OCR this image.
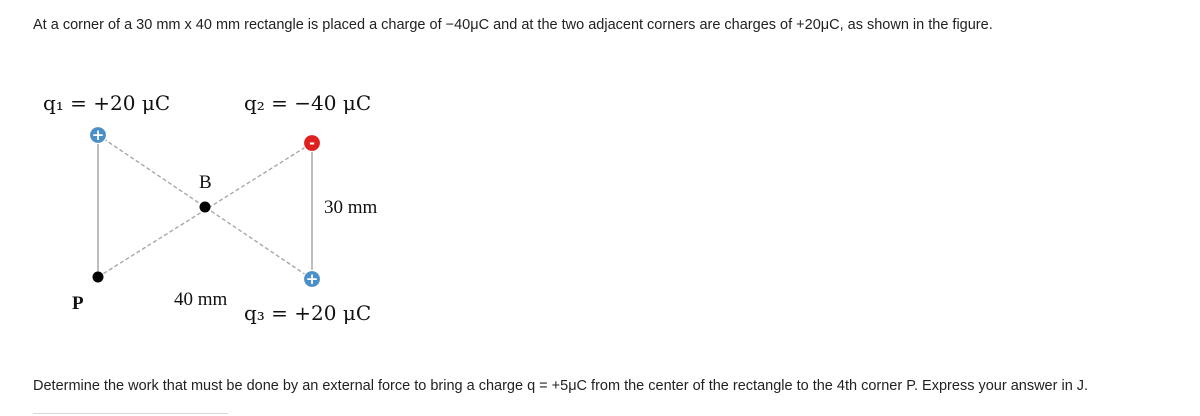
At a corner of a 30 mm x 40 mm rectangle is placed a charge of −40μC and at the two adjacent corners are charges of +20μC, as shown in the figure.
+	-
+
q₁ = +20 μC	q₂ = −40 μC
q₃ = +20 μC
B
P	40 mm
30 mm
Determine the work that must be done by an external force to bring a charge q = +5μC from the center of the rectangle to the 4th corner P. Express your answer in J.
